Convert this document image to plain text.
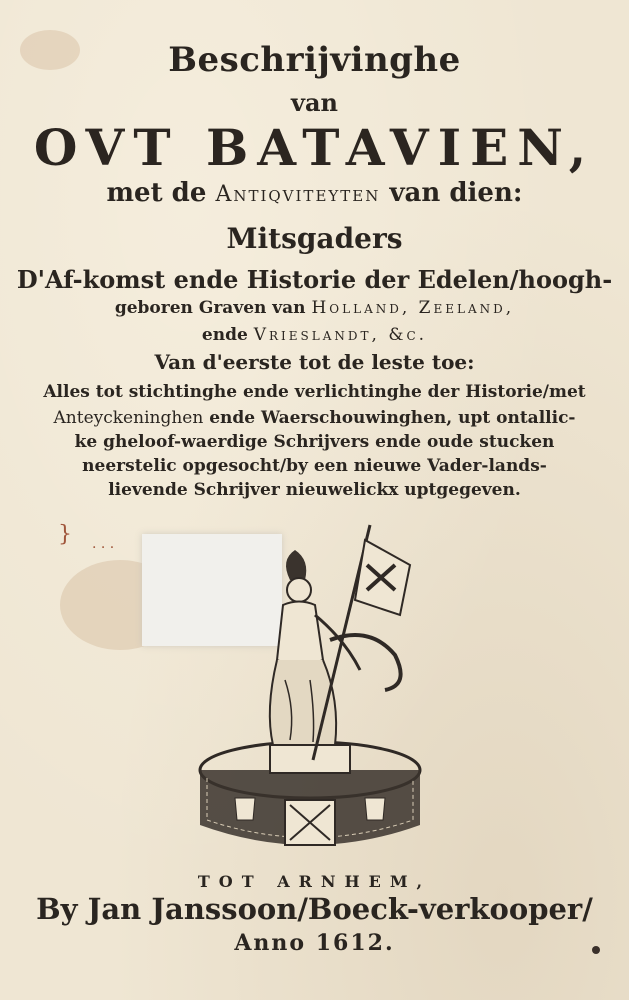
Beschrijvinghe
van
OVT BATAVIEN,
met de Antiqviteyten van dien:
Mitsgaders
D'Af-komst ende Historie der Edelen/hoogh-
geboren Graven van Holland, Zeeland,
ende Vrieslandt, &c.
Van d'eerste tot de leste toe:
Alles tot stichtinghe ende verlichtinghe der Historie/met
Anteyckeninghen ende Waerschouwinghen, upt ontallic-
ke gheloof-waerdige Schrijvers ende oude stucken
neerstelic opgesocht/by een nieuwe Vader-lands-
lievende Schrijver nieuwelickx uptgegeven.
}
· · ·
TOT ARNHEM,
By Jan Janssoon/Boeck-verkooper/
Anno 1612.
